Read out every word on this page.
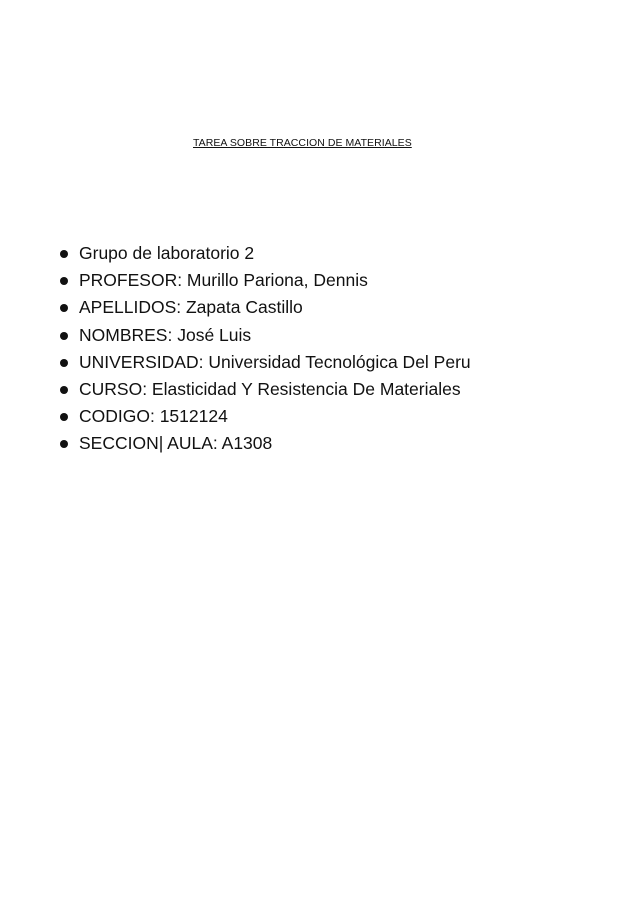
TAREA SOBRE TRACCION DE MATERIALES
Grupo de laboratorio 2
PROFESOR: Murillo Pariona, Dennis
APELLIDOS: Zapata Castillo
NOMBRES: José Luis
UNIVERSIDAD: Universidad Tecnológica Del Peru
CURSO: Elasticidad Y Resistencia De Materiales
CODIGO: 1512124
SECCION| AULA: A1308
